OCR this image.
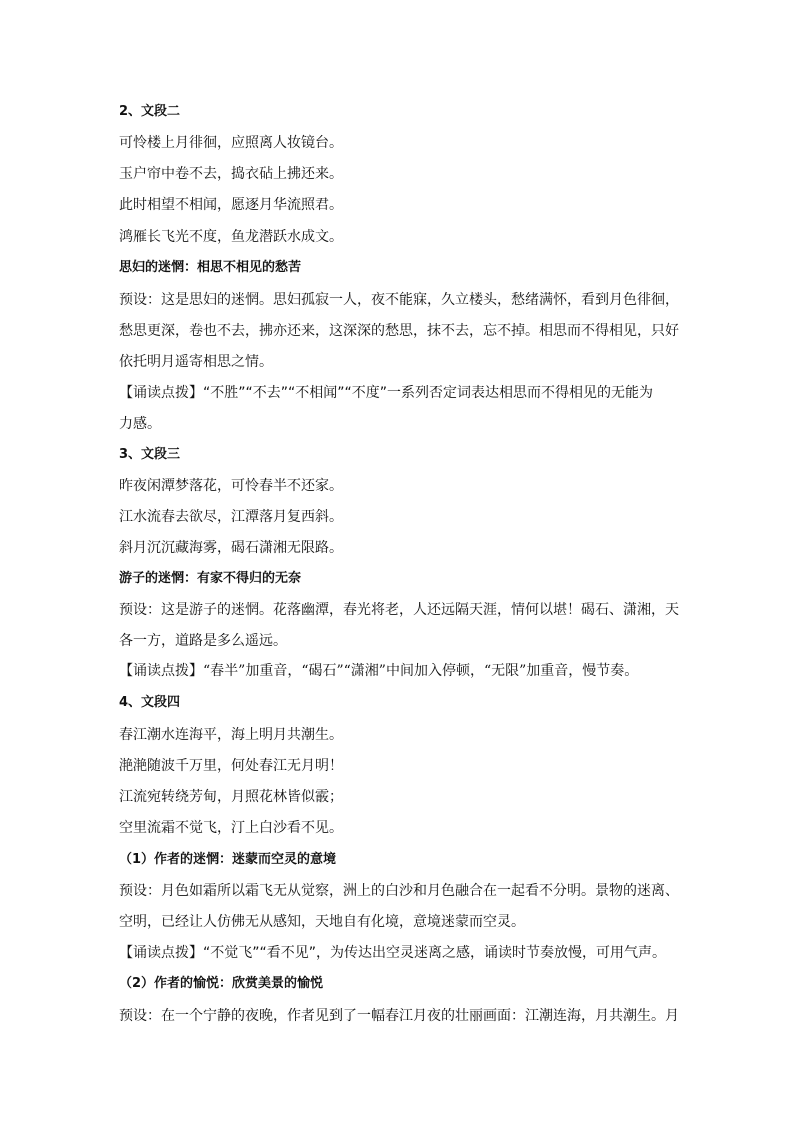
2、文段二
可怜楼上月徘徊，应照离人妆镜台。
玉户帘中卷不去，捣衣砧上拂还来。
此时相望不相闻，愿逐月华流照君。
鸿雁长飞光不度，鱼龙潜跃水成文。
思妇的迷惘：相思不相见的愁苦
预设：这是思妇的迷惘。思妇孤寂一人，夜不能寐，久立楼头，愁绪满怀，看到月色徘徊，
愁思更深，卷也不去，拂亦还来，这深深的愁思，抹不去，忘不掉。相思而不得相见，只好
依托明月遥寄相思之情。
【诵读点拨】“不胜”“不去”“不相闻”“不度”一系列否定词表达相思而不得相见的无能为
力感。
3、文段三
昨夜闲潭梦落花，可怜春半不还家。
江水流春去欲尽，江潭落月复西斜。
斜月沉沉藏海雾，碣石潇湘无限路。
游子的迷惘：有家不得归的无奈
预设：这是游子的迷惘。花落幽潭，春光将老，人还远隔天涯，情何以堪！碣石、潇湘，天
各一方，道路是多么遥远。
【诵读点拨】“春半”加重音，“碣石”“潇湘”中间加入停顿，“无限”加重音，慢节奏。
4、文段四
春江潮水连海平，海上明月共潮生。
滟滟随波千万里，何处春江无月明！
江流宛转绕芳甸，月照花林皆似霰；
空里流霜不觉飞，汀上白沙看不见。
（1）作者的迷惘：迷蒙而空灵的意境
预设：月色如霜所以霜飞无从觉察，洲上的白沙和月色融合在一起看不分明。景物的迷离、
空明，已经让人仿佛无从感知，天地自有化境，意境迷蒙而空灵。
【诵读点拨】“不觉飞”“看不见”，为传达出空灵迷离之感，诵读时节奏放慢，可用气声。
（2）作者的愉悦：欣赏美景的愉悦
预设：在一个宁静的夜晚，作者见到了一幅春江月夜的壮丽画面：江潮连海，月共潮生。月
